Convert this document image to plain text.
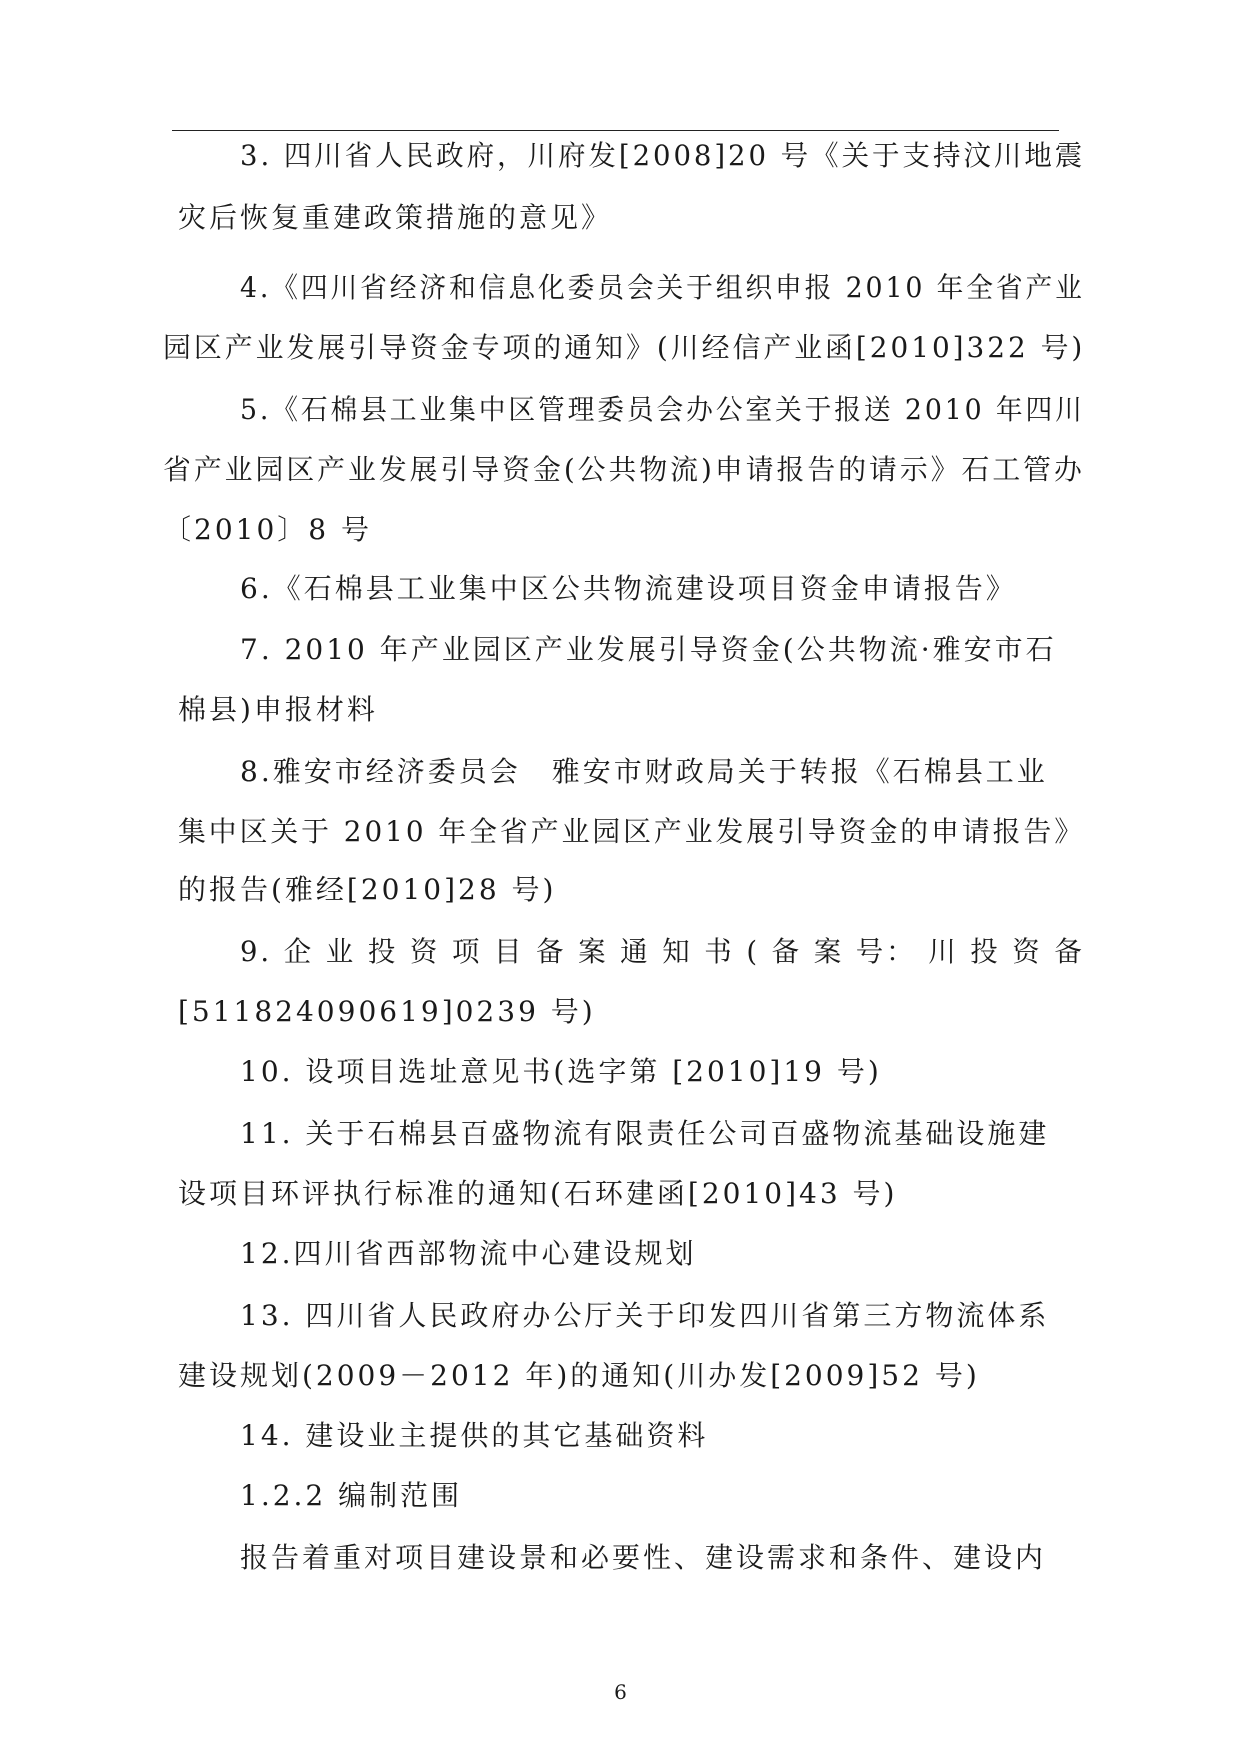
3. 四川省人民政府，川府发[2008]20 号《关于支持汶川地震
灾后恢复重建政策措施的意见》
4.《四川省经济和信息化委员会关于组织申报 2010 年全省产业
园区产业发展引导资金专项的通知》(川经信产业函[2010]322 号)
5.《石棉县工业集中区管理委员会办公室关于报送 2010 年四川
省产业园区产业发展引导资金(公共物流)申请报告的请示》石工管办
〔2010〕8 号
6.《石棉县工业集中区公共物流建设项目资金申请报告》
7. 2010 年产业园区产业发展引导资金(公共物流·雅安市石
棉县)申报材料
8.雅安市经济委员会　雅安市财政局关于转报《石棉县工业
集中区关于 2010 年全省产业园区产业发展引导资金的申请报告》
的报告(雅经[2010]28 号)
9. 企 业 投 资 项 目 备 案 通 知 书 ( 备 案 号： 川 投 资 备
[511824090619]0239 号)
10. 设项目选址意见书(选字第 [2010]19 号)
11. 关于石棉县百盛物流有限责任公司百盛物流基础设施建
设项目环评执行标准的通知(石环建函[2010]43 号)
12.四川省西部物流中心建设规划
13. 四川省人民政府办公厅关于印发四川省第三方物流体系
建设规划(2009－2012 年)的通知(川办发[2009]52 号)
14. 建设业主提供的其它基础资料
1.2.2 编制范围
报告着重对项目建设景和必要性、建设需求和条件、建设内
6
